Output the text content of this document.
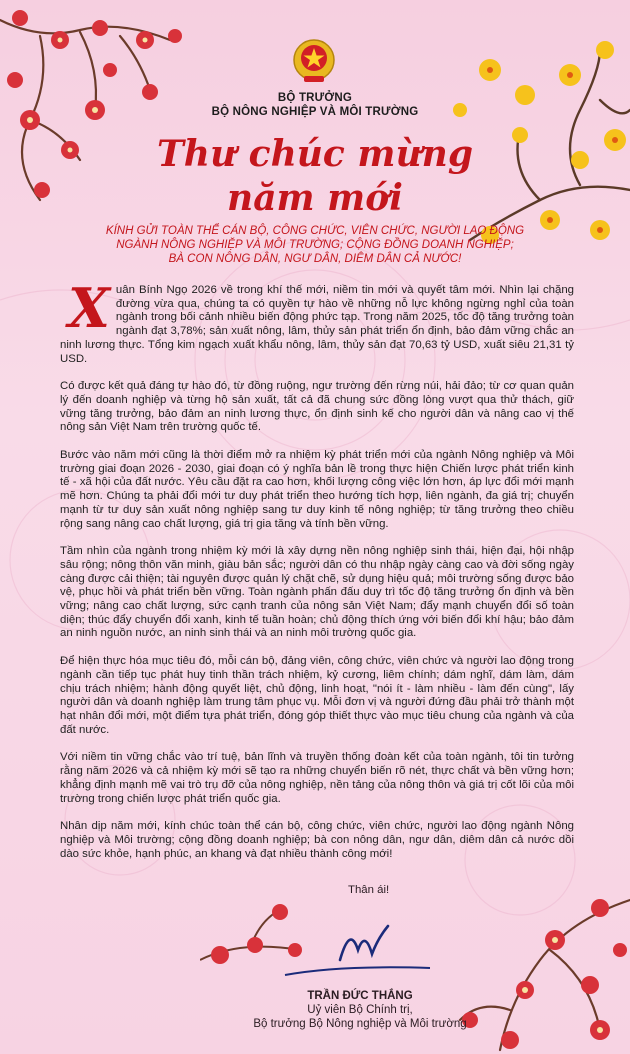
BỘ TRƯỞNG
BỘ NÔNG NGHIỆP VÀ MÔI TRƯỜNG
Thư chúc mừng
năm mới
KÍNH GỬI TOÀN THỂ CÁN BỘ, CÔNG CHỨC, VIÊN CHỨC, NGƯỜI LAO ĐỘNG
NGÀNH NÔNG NGHIỆP VÀ MÔI TRƯỜNG; CỘNG ĐỒNG DOANH NGHIỆP;
BÀ CON NÔNG DÂN, NGƯ DÂN, DIÊM DÂN CẢ NƯỚC!

Xuân Bính Ngọ 2026 về trong khí thế mới, niềm tin mới và quyết tâm mới. Nhìn lại chặng đường vừa qua, chúng ta có quyền tự hào về những nỗ lực không ngừng nghỉ của toàn ngành trong bối cảnh nhiều biến động phức tạp. Trong năm 2025, tốc độ tăng trưởng toàn ngành đạt 3,78%; sản xuất nông, lâm, thủy sản phát triển ổn định, bảo đảm vững chắc an ninh lương thực. Tổng kim ngạch xuất khẩu nông, lâm, thủy sản đạt 70,63 tỷ USD, xuất siêu 21,31 tỷ USD.

Có được kết quả đáng tự hào đó, từ đồng ruộng, ngư trường đến rừng núi, hải đảo; từ cơ quan quản lý đến doanh nghiệp và từng hộ sản xuất, tất cả đã chung sức đồng lòng vượt qua thử thách, giữ vững tăng trưởng, bảo đảm an ninh lương thực, ổn định sinh kế cho người dân và nâng cao vị thế nông sản Việt Nam trên trường quốc tế.

Bước vào năm mới cũng là thời điểm mở ra nhiệm kỳ phát triển mới của ngành Nông nghiệp và Môi trường giai đoạn 2026 - 2030, giai đoạn có ý nghĩa bản lề trong thực hiện Chiến lược phát triển kinh tế - xã hội của đất nước. Yêu cầu đặt ra cao hơn, khối lượng công việc lớn hơn, áp lực đổi mới mạnh mẽ hơn. Chúng ta phải đổi mới tư duy phát triển theo hướng tích hợp, liên ngành, đa giá trị; chuyển mạnh từ tư duy sản xuất nông nghiệp sang tư duy kinh tế nông nghiệp; từ tăng trưởng theo chiều rộng sang nâng cao chất lượng, giá trị gia tăng và tính bền vững.

Tầm nhìn của ngành trong nhiệm kỳ mới là xây dựng nền nông nghiệp sinh thái, hiện đại, hội nhập sâu rộng; nông thôn văn minh, giàu bản sắc; người dân có thu nhập ngày càng cao và đời sống ngày càng được cải thiện; tài nguyên được quản lý chặt chẽ, sử dụng hiệu quả; môi trường sống được bảo vệ, phục hồi và phát triển bền vững. Toàn ngành phấn đấu duy trì tốc độ tăng trưởng ổn định và bền vững; nâng cao chất lượng, sức cạnh tranh của nông sản Việt Nam; đẩy mạnh chuyển đổi số toàn diện; thúc đẩy chuyển đổi xanh, kinh tế tuần hoàn; chủ động thích ứng với biến đổi khí hậu; bảo đảm an ninh nguồn nước, an ninh sinh thái và an ninh môi trường quốc gia.

Để hiện thực hóa mục tiêu đó, mỗi cán bộ, đảng viên, công chức, viên chức và người lao động trong ngành cần tiếp tục phát huy tinh thần trách nhiệm, kỷ cương, liêm chính; dám nghĩ, dám làm, dám chịu trách nhiệm; hành động quyết liệt, chủ động, linh hoạt, "nói ít - làm nhiều - làm đến cùng", lấy người dân và doanh nghiệp làm trung tâm phục vụ. Mỗi đơn vị và người đứng đầu phải trở thành một hạt nhân đổi mới, một điểm tựa phát triển, đóng góp thiết thực vào mục tiêu chung của ngành và của đất nước.

Với niềm tin vững chắc vào trí tuệ, bản lĩnh và truyền thống đoàn kết của toàn ngành, tôi tin tưởng rằng năm 2026 và cả nhiệm kỳ mới sẽ tạo ra những chuyển biến rõ nét, thực chất và bền vững hơn; khẳng định mạnh mẽ vai trò trụ đỡ của nông nghiệp, nền tảng của nông thôn và giá trị cốt lõi của môi trường trong chiến lược phát triển quốc gia.

Nhân dịp năm mới, kính chúc toàn thể cán bộ, công chức, viên chức, người lao động ngành Nông nghiệp và Môi trường; cộng đồng doanh nghiệp; bà con nông dân, ngư dân, diêm dân cả nước dồi dào sức khỏe, hạnh phúc, an khang và đạt nhiều thành công mới!

Thân ái!
TRẦN ĐỨC THẮNG
Uỷ viên Bộ Chính trị,
Bộ trưởng Bộ Nông nghiệp và Môi trường
